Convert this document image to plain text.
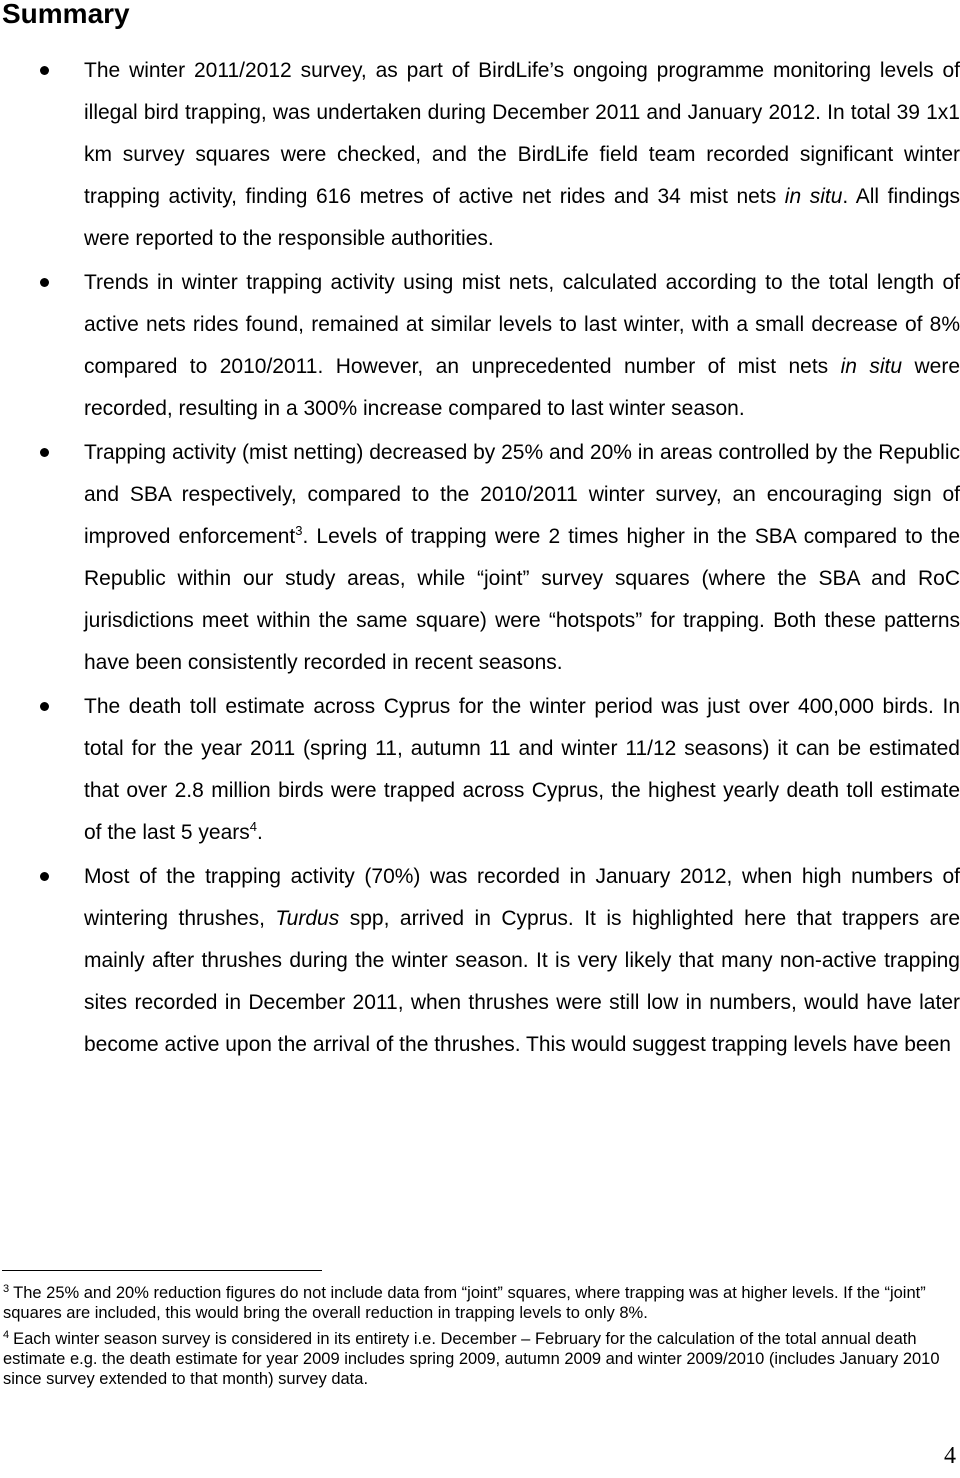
Summary
The winter 2011/2012 survey, as part of BirdLife’s ongoing programme monitoring levels of illegal bird trapping, was undertaken during December 2011 and January 2012. In total 39 1x1 km survey squares were checked, and the BirdLife field team recorded significant winter trapping activity, finding 616 metres of active net rides and 34 mist nets in situ. All findings were reported to the responsible authorities.
Trends in winter trapping activity using mist nets, calculated according to the total length of active nets rides found, remained at similar levels to last winter, with a small decrease of 8% compared to 2010/2011. However, an unprecedented number of mist nets in situ were recorded, resulting in a 300% increase compared to last winter season.
Trapping activity (mist netting) decreased by 25% and 20% in areas controlled by the Republic and SBA respectively, compared to the 2010/2011 winter survey, an encouraging sign of improved enforcement$^3$. Levels of trapping were 2 times higher in the SBA compared to the Republic within our study areas, while “joint” survey squares (where the SBA and RoC jurisdictions meet within the same square) were “hotspots” for trapping. Both these patterns have been consistently recorded in recent seasons.
The death toll estimate across Cyprus for the winter period was just over 400,000 birds. In total for the year 2011 (spring 11, autumn 11 and winter 11/12 seasons) it can be estimated that over 2.8 million birds were trapped across Cyprus, the highest yearly death toll estimate of the last 5 years$^4$.
Most of the trapping activity (70%) was recorded in January 2012, when high numbers of wintering thrushes, Turdus spp, arrived in Cyprus. It is highlighted here that trappers are mainly after thrushes during the winter season. It is very likely that many non-active trapping sites recorded in December 2011, when thrushes were still low in numbers, would have later become active upon the arrival of the thrushes. This would suggest trapping levels have been

$^3$ The 25% and 20% reduction figures do not include data from “joint” squares, where trapping was at higher levels. If the “joint” squares are included, this would bring the overall reduction in trapping levels to only 8%.

$^4$ Each winter season survey is considered in its entirety i.e. December – February for the calculation of the total annual death estimate e.g. the death estimate for year 2009 includes spring 2009, autumn 2009 and winter 2009/2010 (includes January 2010 since survey extended to that month) survey data.

4
